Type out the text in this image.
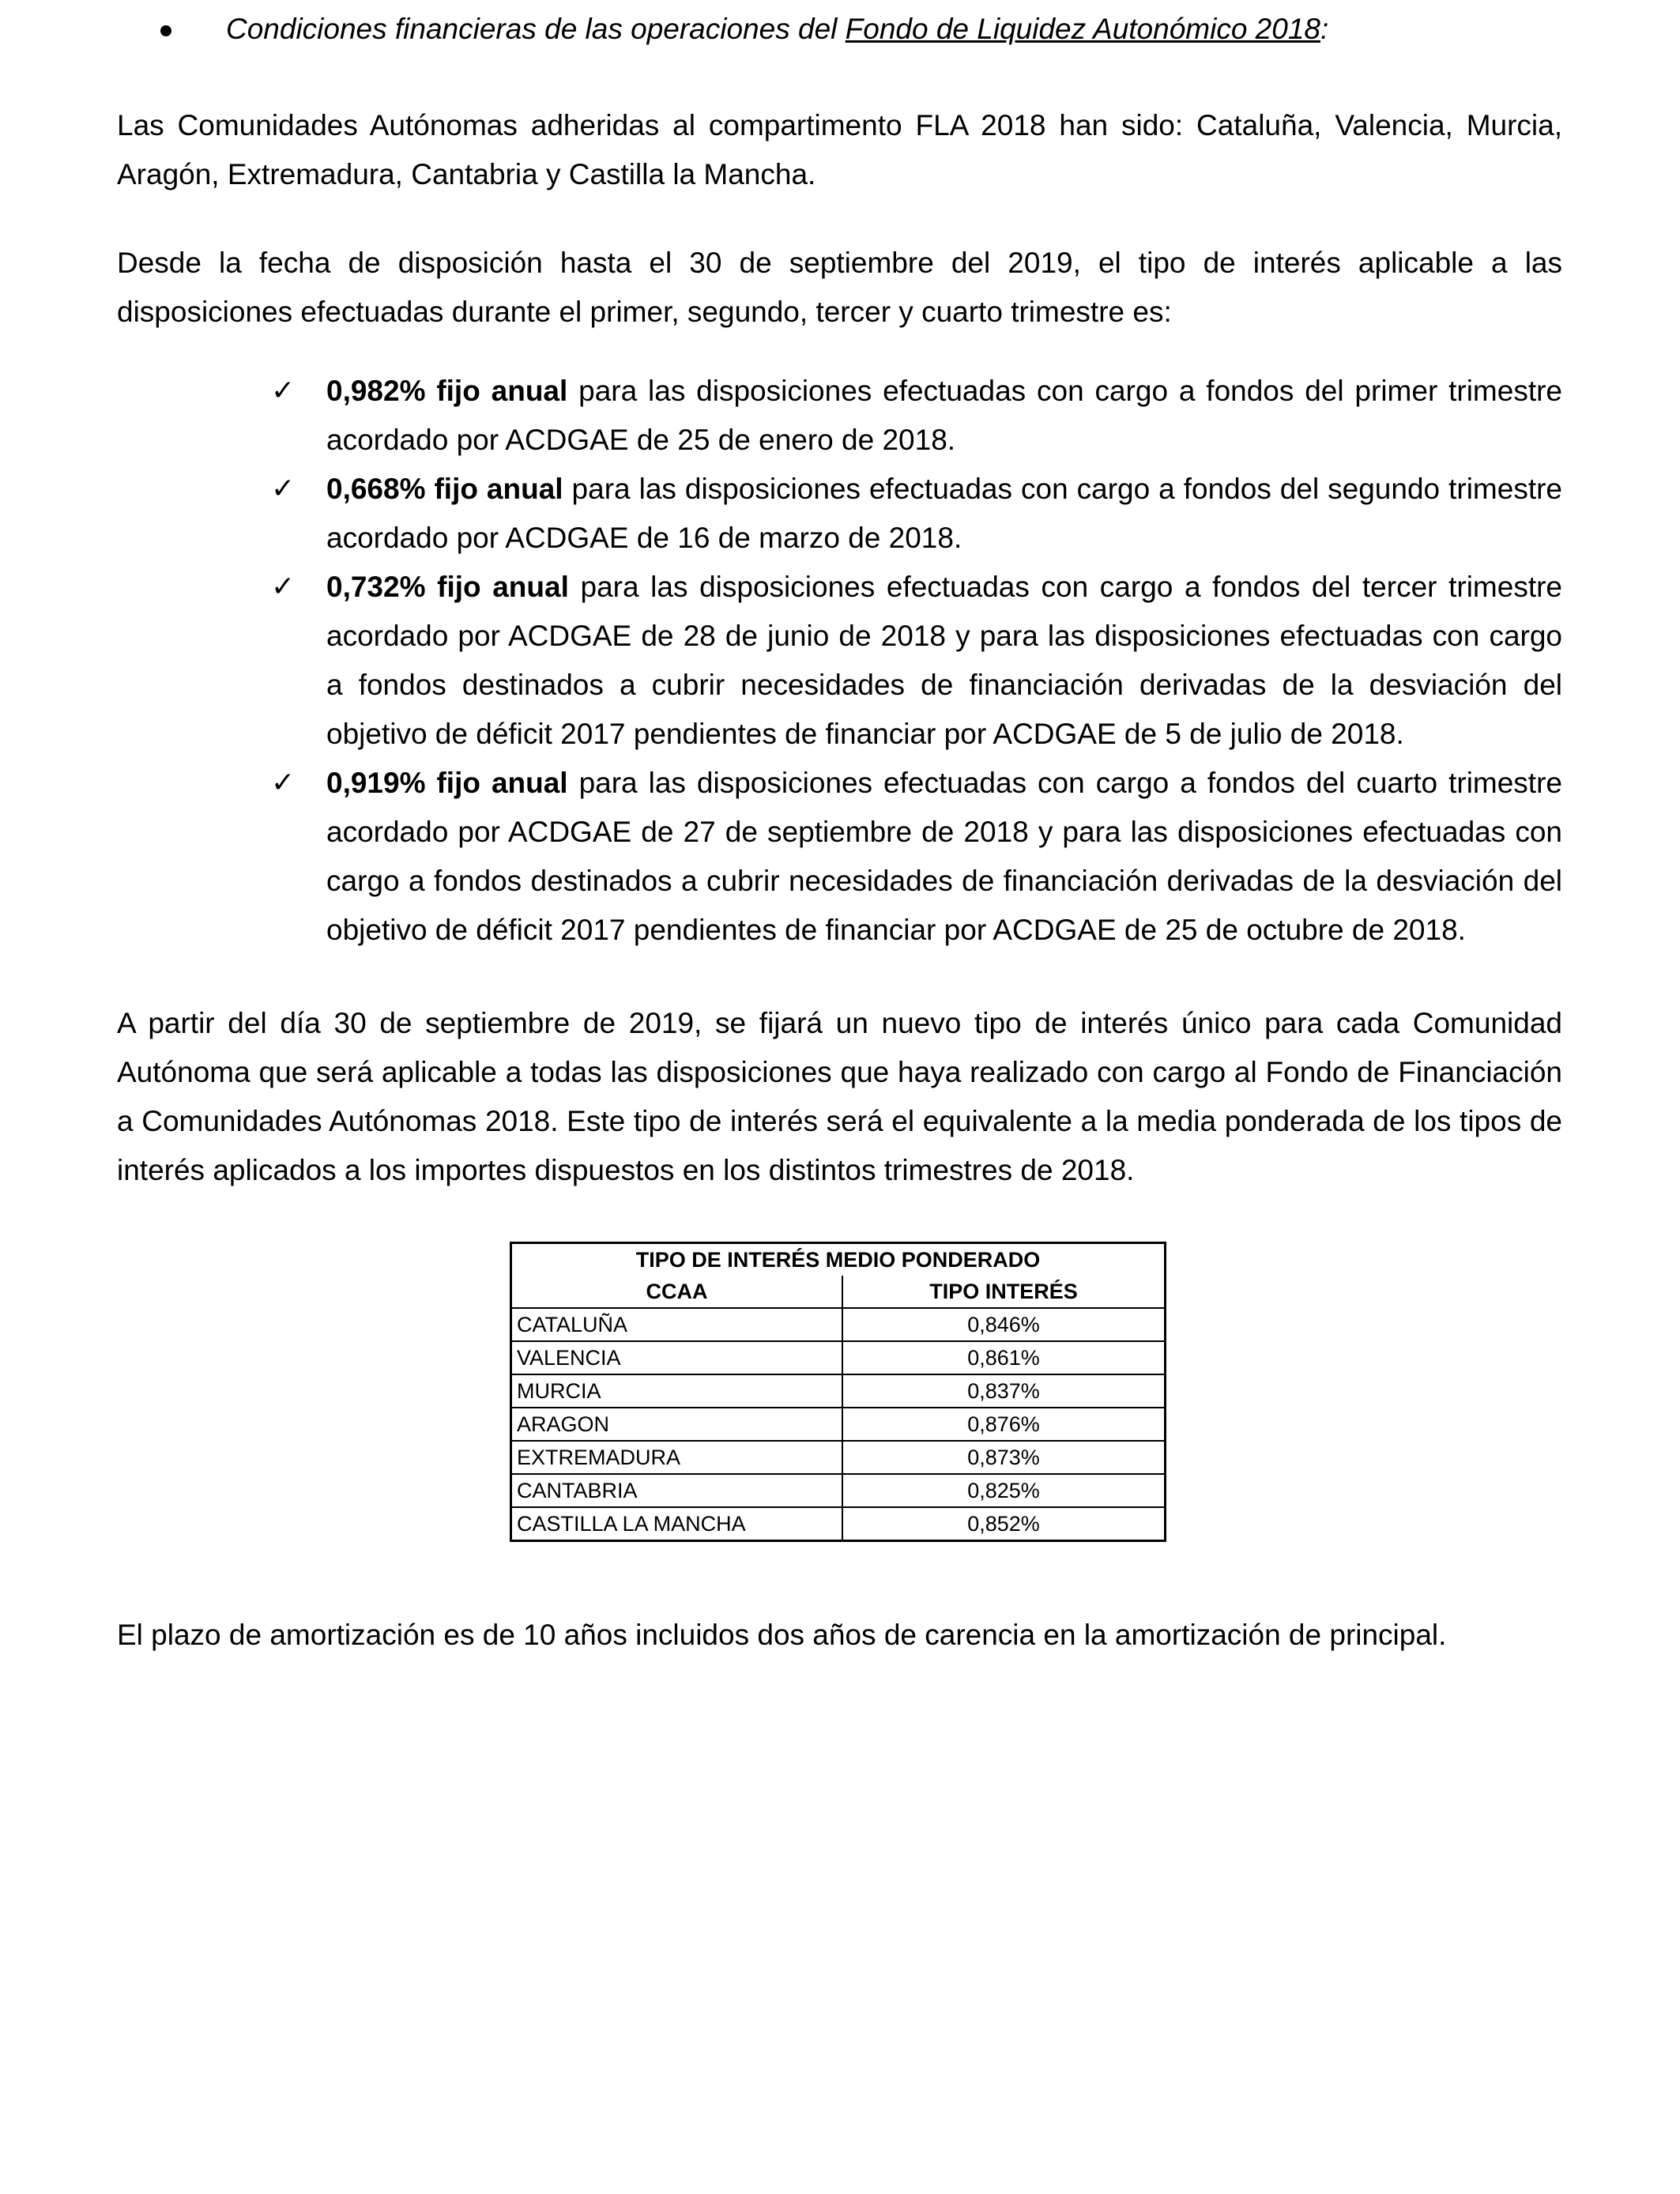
Condiciones financieras de las operaciones del Fondo de Liquidez Autonómico 2018:

Las Comunidades Autónomas adheridas al compartimento FLA 2018 han sido: Cataluña, Valencia, Murcia, Aragón, Extremadura, Cantabria y Castilla la Mancha.

Desde la fecha de disposición hasta el 30 de septiembre del 2019, el tipo de interés aplicable a las disposiciones efectuadas durante el primer, segundo, tercer y cuarto trimestre es:

✓ 0,982% fijo anual para las disposiciones efectuadas con cargo a fondos del primer trimestre acordado por ACDGAE de 25 de enero de 2018.
✓ 0,668% fijo anual para las disposiciones efectuadas con cargo a fondos del segundo trimestre acordado por ACDGAE de 16 de marzo de 2018.
✓ 0,732% fijo anual para las disposiciones efectuadas con cargo a fondos del tercer trimestre acordado por ACDGAE de 28 de junio de 2018 y para las disposiciones efectuadas con cargo a fondos destinados a cubrir necesidades de financiación derivadas de la desviación del objetivo de déficit 2017 pendientes de financiar por ACDGAE de 5 de julio de 2018.
✓ 0,919% fijo anual para las disposiciones efectuadas con cargo a fondos del cuarto trimestre acordado por ACDGAE de 27 de septiembre de 2018 y para las disposiciones efectuadas con cargo a fondos destinados a cubrir necesidades de financiación derivadas de la desviación del objetivo de déficit 2017 pendientes de financiar por ACDGAE de 25 de octubre de 2018.

A partir del día 30 de septiembre de 2019, se fijará un nuevo tipo de interés único para cada Comunidad Autónoma que será aplicable a todas las disposiciones que haya realizado con cargo al Fondo de Financiación a Comunidades Autónomas 2018. Este tipo de interés será el equivalente a la media ponderada de los tipos de interés aplicados a los importes dispuestos en los distintos trimestres de 2018.

TIPO DE INTERÉS MEDIO PONDERADO	
CCAA	TIPO INTERÉS
CATALUÑA	0,846%
VALENCIA	0,861%
MURCIA	0,837%
ARAGON	0,876%
EXTREMADURA	0,873%
CANTABRIA	0,825%
CASTILLA LA MANCHA	0,852%

El plazo de amortización es de 10 años incluidos dos años de carencia en la amortización de principal.
